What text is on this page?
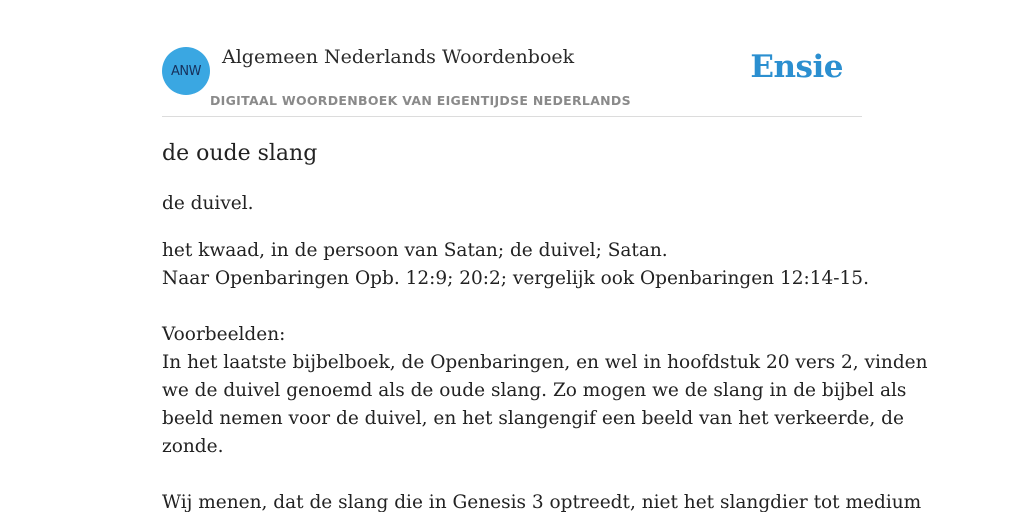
ANW
Algemeen Nederlands Woordenboek
DIGITAAL WOORDENBOEK VAN EIGENTIJDSE NEDERLANDS
Ensie
de oude slang
de duivel.
het kwaad, in de persoon van Satan; de duivel; Satan.
Naar Openbaringen Opb. 12:9; 20:2; vergelijk ook Openbaringen 12:14-15.
Voorbeelden:
In het laatste bijbelboek, de Openbaringen, en wel in hoofdstuk 20 vers 2, vinden
we de duivel genoemd als de oude slang. Zo mogen we de slang in de bijbel als
beeld nemen voor de duivel, en het slangengif een beeld van het verkeerde, de
zonde.
Wij menen, dat de slang die in Genesis 3 optreedt, niet het slangdier tot medium
